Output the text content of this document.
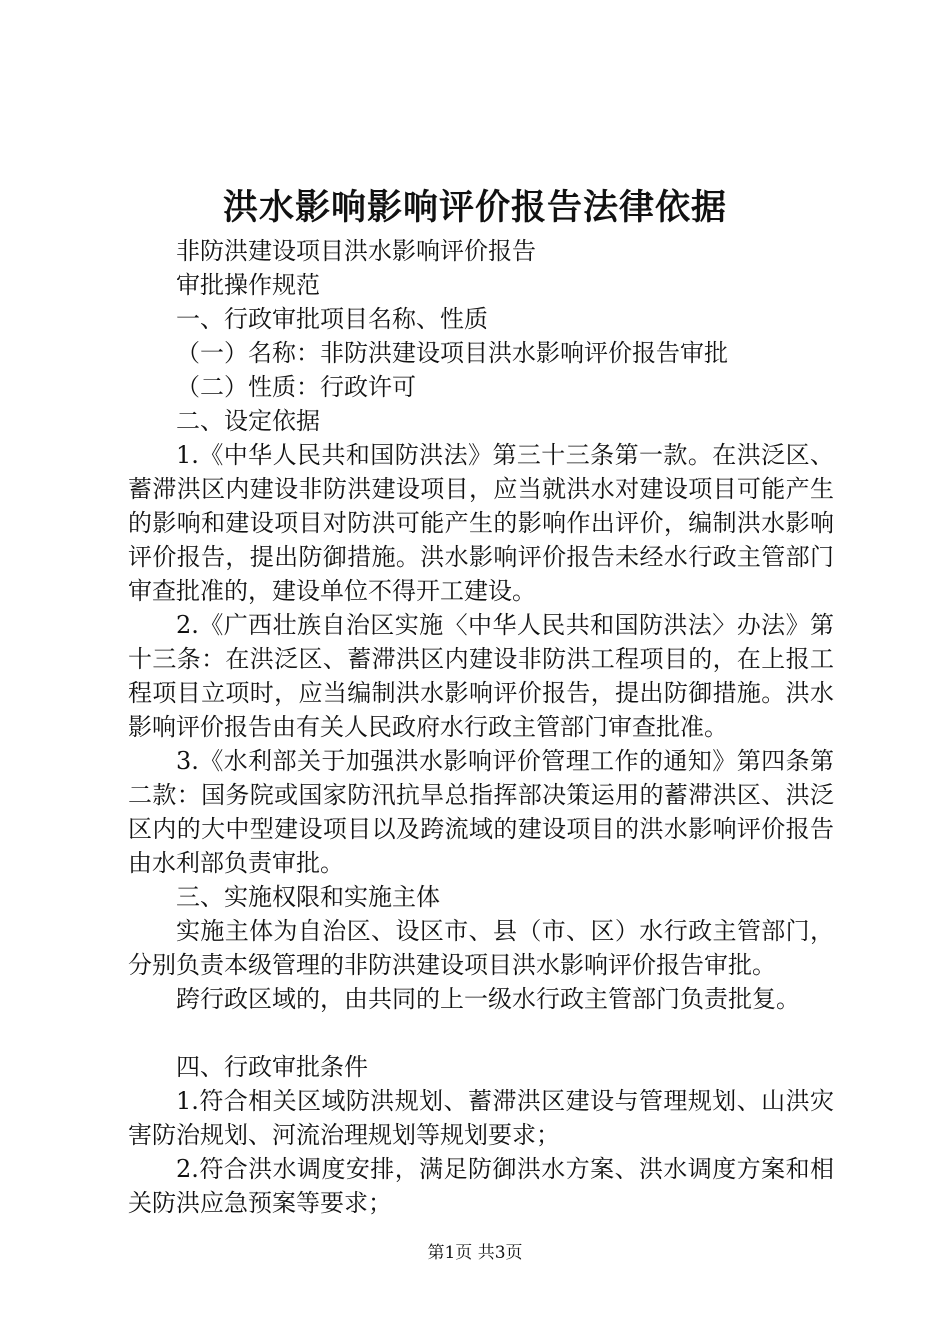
洪水影响影响评价报告法律依据

非防洪建设项目洪水影响评价报告

审批操作规范

一、行政审批项目名称、性质

（一）名称：非防洪建设项目洪水影响评价报告审批

（二）性质：行政许可

二、设定依据

1.《中华人民共和国防洪法》第三十三条第一款。在洪泛区、蓄滞洪区内建设非防洪建设项目，应当就洪水对建设项目可能产生的影响和建设项目对防洪可能产生的影响作出评价，编制洪水影响评价报告，提出防御措施。洪水影响评价报告未经水行政主管部门审查批准的，建设单位不得开工建设。

2.《广西壮族自治区实施〈中华人民共和国防洪法〉办法》第十三条：在洪泛区、蓄滞洪区内建设非防洪工程项目的，在上报工程项目立项时，应当编制洪水影响评价报告，提出防御措施。洪水影响评价报告由有关人民政府水行政主管部门审查批准。

3.《水利部关于加强洪水影响评价管理工作的通知》第四条第二款：国务院或国家防汛抗旱总指挥部决策运用的蓄滞洪区、洪泛区内的大中型建设项目以及跨流域的建设项目的洪水影响评价报告由水利部负责审批。

三、实施权限和实施主体

实施主体为自治区、设区市、县（市、区）水行政主管部门，分别负责本级管理的非防洪建设项目洪水影响评价报告审批。

跨行政区域的，由共同的上一级水行政主管部门负责批复。

四、行政审批条件

1.符合相关区域防洪规划、蓄滞洪区建设与管理规划、山洪灾害防治规划、河流治理规划等规划要求；

2.符合洪水调度安排，满足防御洪水方案、洪水调度方案和相关防洪应急预案等要求；

第1页 共3页
